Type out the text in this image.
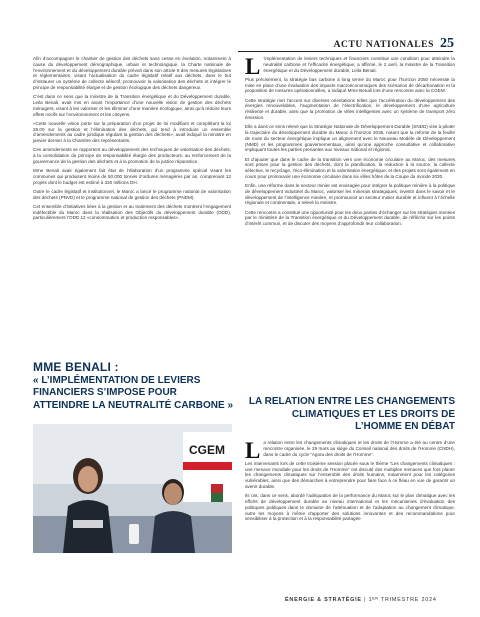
ACTU NATIONALES 25

Afin d’accompagner le chantier de gestion des déchets sans cesse en évolution, notamment à cause du développement démographique, urbain et technologique, la Charte nationale de l’environnement et du développement durable prévoit dans son article 8 des mesures législatives et réglementaires, visant l’actualisation du cadre législatif relatif aux déchets, dans le but d’instaurer un système de collecte sélectif, promouvoir la valorisation des déchets et intégrer le principe de responsabilité élargie et de gestion écologique des déchets dangereux.

C’est dans ce sens que la ministre de la Transition énergétique et du Développement durable, Leila Benali, avait mis en avant l’importance d’une nouvelle vision de gestion des déchets ménagers, visant à les valoriser et les éliminer d’une manière écologique, ainsi qu’à réduire leurs effets nocifs sur l’environnement et les citoyens.

«Cette nouvelle vision porte sur la préparation d’un projet de loi modifiant et complétant la loi 28.00 sur la gestion et l’élimination des déchets, qui tend à introduire un ensemble d’amendements au cadre juridique régulant la gestion des déchets», avait indiqué la ministre en janvier dernier à la Chambre des représentants.

Ces amendements se rapportent au développement des techniques de valorisation des déchets, à la consolidation du principe de responsabilité élargie des producteurs, au renforcement de la gouvernance de la gestion des déchets et à la promotion de la justice réparatrice.

Mme Benali avait également fait état de l’élaboration d’un programme spécial visant les communes qui produisent moins de 50.000 tonnes d’ordures ménagères par an, comprenant 13 projets dont le budget est estimé à 330 millions DH.

Outre le cadre législatif et institutionnel, le Maroc a lancé le programme national de valorisation des déchets (PNVD) et le programme national de gestion des déchets (PNDM).

Cet ensemble d’initiatives liées à la gestion et au traitement des déchets montrent l’engagement indéfectible du Maroc dans la réalisation des Objectifs du développement durable (ODD), particulièrement l’ODD 12 «consommation et production responsables».

MME BENALI :
« L’IMPLÉMENTATION DE LEVIERS FINANCIERS S’IMPOSE POUR ATTEINDRE LA NEUTRALITÉ CARBONE »
CGEM
L ’implémentation de leviers techniques et financiers constitue une condition pour atteindre la neutralité carbone et l’efficacité énergétique, a affirmé, le 2 avril, la ministre de la Transition énergétique et du Développement durable, Leila Benali.

Plus précisément, la stratégie bas carbone à long terme du Maroc pour l’horizon 2050 nécessite la mise en place d’une évaluation des impacts macroéconomiques des scénarios de décarbonation et la proposition de mesures opérationnelles, a indiqué Mme Benali lors d’une rencontre avec la CGEM.

Cette stratégie met l’accent sur diverses orientations telles que l’accélération du développement des énergies renouvelables, l’augmentation de l’électrification, le développement d’une agriculture résiliente et durable, ainsi que la promotion de villes intelligentes avec un système de transport zéro émission.

Elle a dans ce sens relevé que la Stratégie Nationale de Développement Durable (SNDD) vise à piloter la trajectoire du développement durable du Maroc à l’horizon 2035, notant que la refonte de la feuille de route du secteur énergétique implique un alignement avec le Nouveau Modèle de Développement (NMD) et les programmes gouvernementaux, ainsi qu’une approche consultative et collaborative impliquant toutes les parties prenantes aux niveaux national et régional.

Et d’ajouter que dans le cadre de la transition vers une économie circulaire au Maroc, des mesures sont prises pour la gestion des déchets, dont la planification, la réduction à la source, la collecte sélective, le recyclage, l’éco-élimination et la valorisation énergétique, et des projets sont également en cours pour promouvoir une économie circulaire dans six villes hôtes de la Coupe du monde 2030.

Enfin, une réforme dans le secteur minier est envisagée pour intégrer la politique minière à la politique de développement industriel du Maroc, valoriser les minerais stratégiques, investir dans le savoir et le développement de l’intelligence minière, et promouvoir un secteur minier durable et influent à l’échelle régionale et continentale, a relevé la ministre.

Cette rencontre a constitué une opportunité pour les deux parties d’échanger sur les stratégies menées par le ministère de la Transition énergétique et du Développement durable, de réfléchir sur les points d’intérêt commun, et de discuter des moyens d’approfondir leur collaboration.

LA RELATION ENTRE LES CHANGEMENTS CLIMATIQUES ET LES DROITS DE L’HOMME EN DÉBAT
L a relation entre les changements climatiques et les droits de l’Homme a été au centre d’une rencontre organisée, le 29 mars au siège du Conseil national des droits de l’Homme (CNDH), dans le cadre du cycle “Agora des droits de l’Homme”.

Les intervenants lors de cette troisième session placée sous le thème “Les changements climatiques : une menace mondiale pour les droits de l’Homme” ont discuté des multiples menaces que font planer les changements climatiques sur l’ensemble des droits humains, notamment pour les catégories vulnérables, ainsi que des démarches à entreprendre pour faire face à ce fléau en vue de garantir un avenir durable.

Ils ont, dans ce sens, abordé l’adéquation de la performance du Maroc sur le plan climatique avec les efforts de développement durable au niveau international et les mécanismes d’évaluation des politiques publiques dans le domaine de l’atténuation et de l’adaptation au changement climatique, outre les moyens à même d’apporter des solutions innovantes et des recommandations pour sensibiliser à la protection et à la responsabilité partagée

ÉNERGIE & STRATÉGIE | 1ᴱᴿ TRIMESTRE 2024
